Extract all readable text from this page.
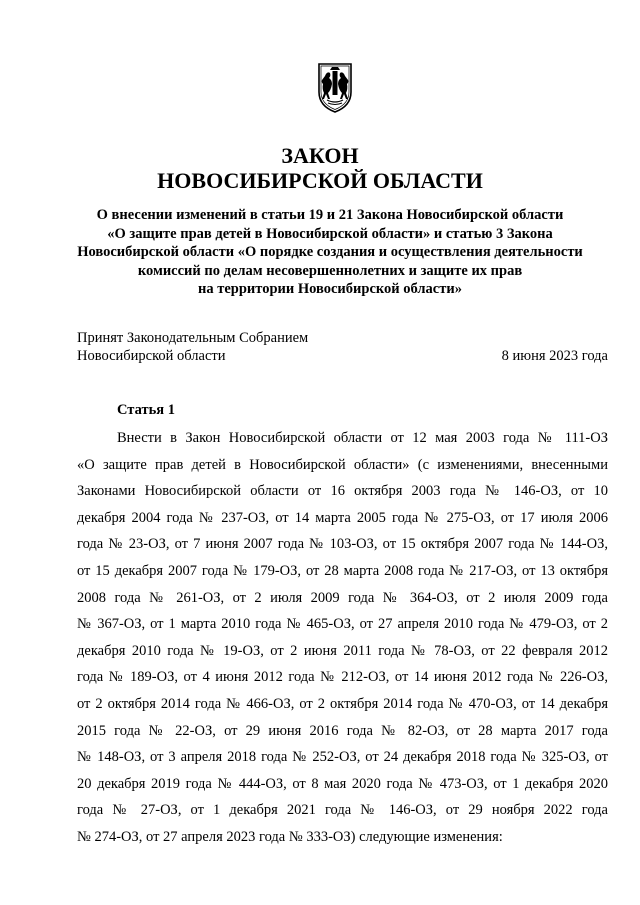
ЗАКОН
НОВОСИБИРСКОЙ ОБЛАСТИ
О внесении изменений в статьи 19 и 21 Закона Новосибирской области
«О защите прав детей в Новосибирской области» и статью 3 Закона
Новосибирской области «О порядке создания и осуществления деятельности
комиссий по делам несовершеннолетних и защите их прав
на территории Новосибирской области»
Принят Законодательным Собранием
Новосибирской области	8 июня 2023 года
Статья 1
Внести в Закон Новосибирской области от 12 мая 2003 года № 111-ОЗ
«О защите прав детей в Новосибирской области» (с изменениями, внесенными
Законами Новосибирской области от 16 октября 2003 года № 146-ОЗ, от 10
декабря 2004 года № 237-ОЗ, от 14 марта 2005 года № 275-ОЗ, от 17 июля 2006
года № 23-ОЗ, от 7 июня 2007 года № 103-ОЗ, от 15 октября 2007 года № 144-ОЗ,
от 15 декабря 2007 года № 179-ОЗ, от 28 марта 2008 года № 217-ОЗ, от 13 октября
2008 года № 261-ОЗ, от 2 июля 2009 года № 364-ОЗ, от 2 июля 2009 года
№ 367-ОЗ, от 1 марта 2010 года № 465-ОЗ, от 27 апреля 2010 года № 479-ОЗ, от 2
декабря 2010 года № 19-ОЗ, от 2 июня 2011 года № 78-ОЗ, от 22 февраля 2012
года № 189-ОЗ, от 4 июня 2012 года № 212-ОЗ, от 14 июня 2012 года № 226-ОЗ,
от 2 октября 2014 года № 466-ОЗ, от 2 октября 2014 года № 470-ОЗ, от 14 декабря
2015 года № 22-ОЗ, от 29 июня 2016 года № 82-ОЗ, от 28 марта 2017 года
№ 148-ОЗ, от 3 апреля 2018 года № 252-ОЗ, от 24 декабря 2018 года № 325-ОЗ, от
20 декабря 2019 года № 444-ОЗ, от 8 мая 2020 года № 473-ОЗ, от 1 декабря 2020
года № 27-ОЗ, от 1 декабря 2021 года № 146-ОЗ, от 29 ноября 2022 года
№ 274-ОЗ, от 27 апреля 2023 года № 333-ОЗ) следующие изменения:
